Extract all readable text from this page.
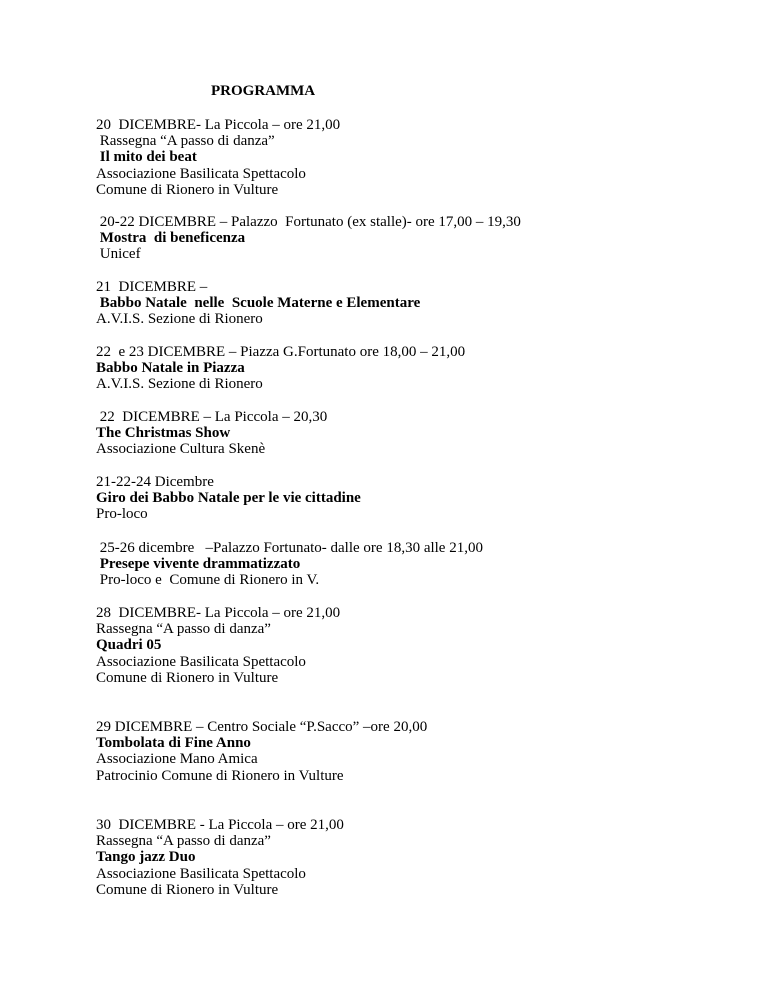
PROGRAMMA
20  DICEMBRE- La Piccola – ore 21,00
Rassegna “A passo di danza”
Il mito dei beat
Associazione Basilicata Spettacolo
Comune di Rionero in Vulture
20-22 DICEMBRE – Palazzo  Fortunato (ex stalle)- ore 17,00 – 19,30
Mostra  di beneficenza
Unicef
21  DICEMBRE –
Babbo Natale  nelle  Scuole Materne e Elementare
A.V.I.S. Sezione di Rionero
22  e 23 DICEMBRE – Piazza G.Fortunato ore 18,00 – 21,00
Babbo Natale in Piazza
A.V.I.S. Sezione di Rionero
22  DICEMBRE – La Piccola – 20,30
The Christmas Show
Associazione Cultura Skenè
21-22-24 Dicembre
Giro dei Babbo Natale per le vie cittadine
Pro-loco
25-26 dicembre   –Palazzo Fortunato- dalle ore 18,30 alle 21,00
Presepe vivente drammatizzato
Pro-loco e  Comune di Rionero in V.
28  DICEMBRE- La Piccola – ore 21,00
Rassegna “A passo di danza”
Quadri 05
Associazione Basilicata Spettacolo
Comune di Rionero in Vulture
29 DICEMBRE – Centro Sociale “P.Sacco” –ore 20,00
Tombolata di Fine Anno
Associazione Mano Amica
Patrocinio Comune di Rionero in Vulture
30  DICEMBRE - La Piccola – ore 21,00
Rassegna “A passo di danza”
Tango jazz Duo
Associazione Basilicata Spettacolo
Comune di Rionero in Vulture
